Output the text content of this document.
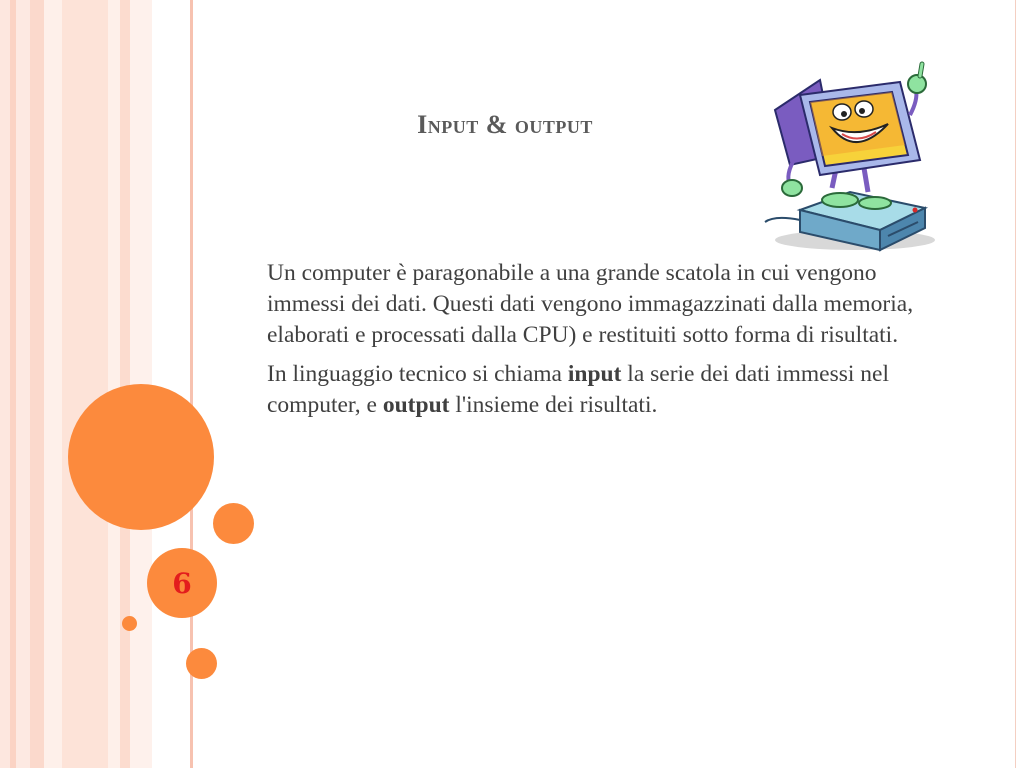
6
Input & output

Un computer è paragonabile a una grande scatola in cui vengono immessi dei dati. Questi dati vengono immagazzinati dalla memoria, elaborati e processati dalla CPU) e restituiti sotto forma di risultati.

In linguaggio tecnico si chiama input la serie dei dati immessi nel computer, e output l'insieme dei risultati.
